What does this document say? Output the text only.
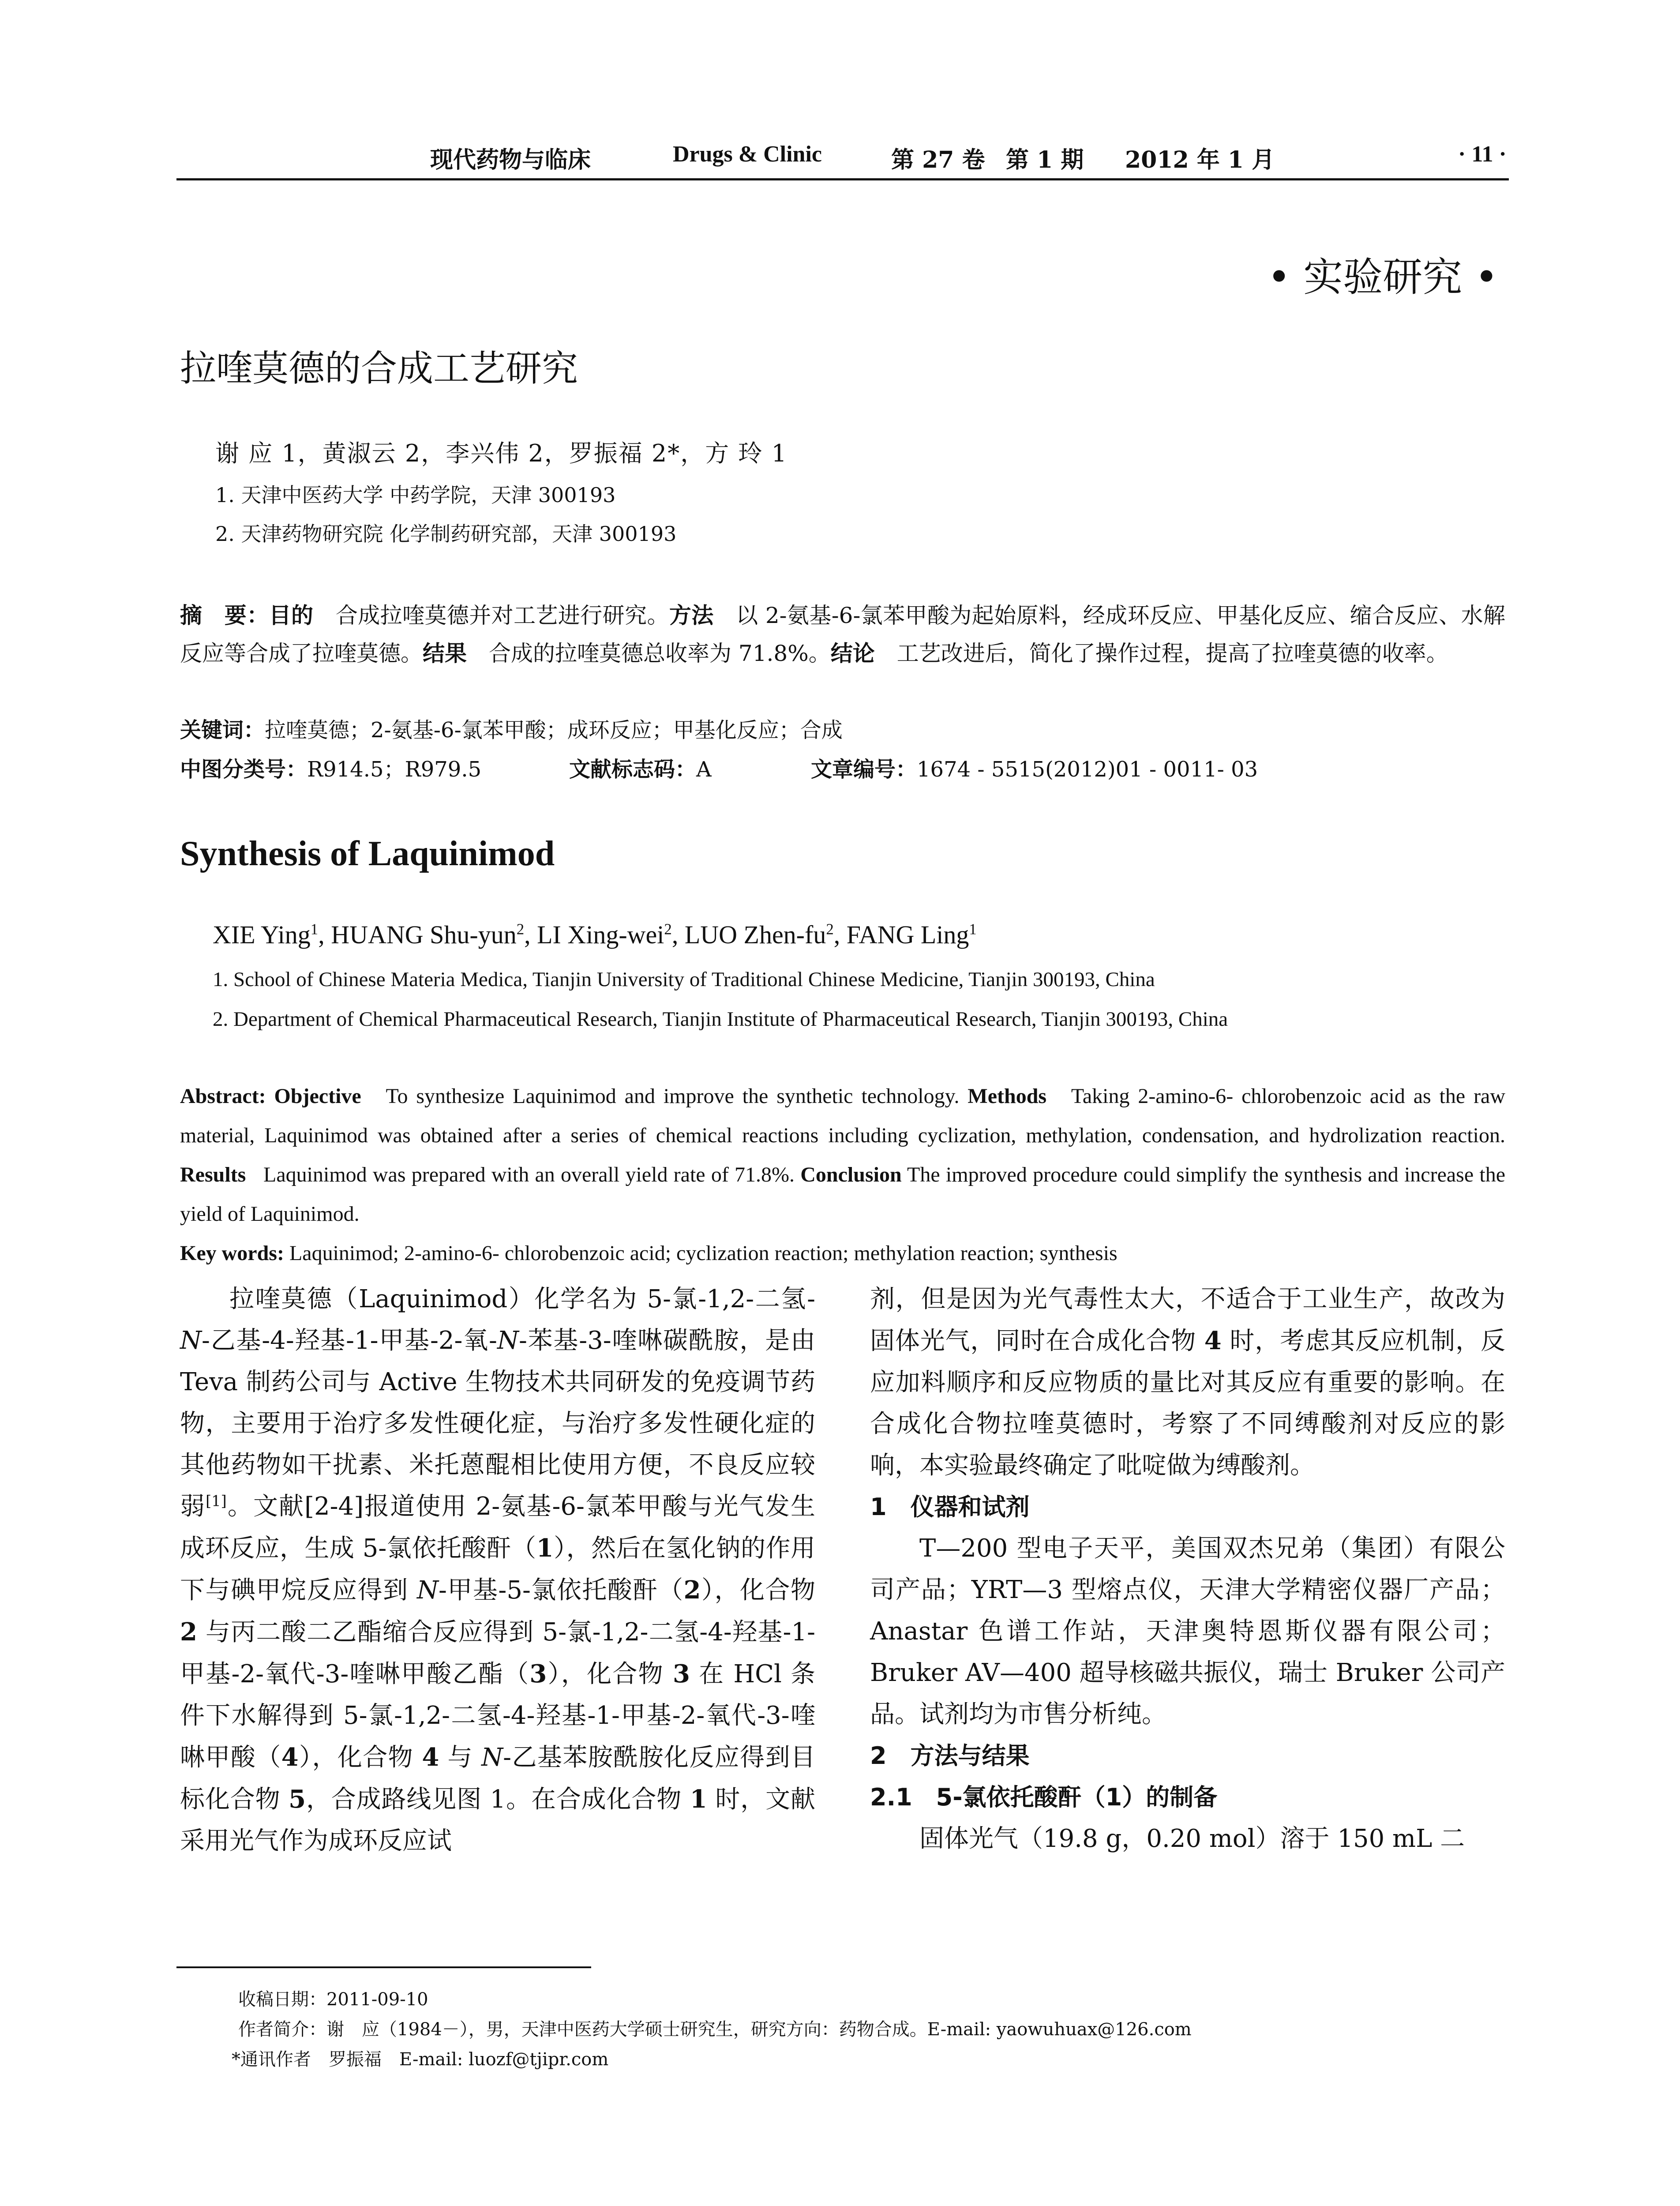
现代药物与临床	Drugs & Clinic	第 27 卷 第 1 期 2012 年 1 月	· 11 ·
• 实验研究 •
拉喹莫德的合成工艺研究
谢 应 1，黄淑云 2，李兴伟 2，罗振福 2*，方 玲 1
1. 天津中医药大学 中药学院，天津 300193
2. 天津药物研究院 化学制药研究部，天津 300193
摘　要：目的　 合成拉喹莫德并对工艺进行研究。方法　 以 2-氨基-6-氯苯甲酸为起始原料，经成环反应、甲基化反应、缩合反应、水解反应等合成了拉喹莫德。结果　 合成的拉喹莫德总收率为 71.8%。结论　 工艺改进后，简化了操作过程，提高了拉喹莫德的收率。
关键词：拉喹莫德；2-氨基-6-氯苯甲酸；成环反应；甲基化反应；合成
中图分类号：R914.5；R979.5	文献标志码：A	文章编号：1674 - 5515(2012)01 - 0011- 03
Synthesis of Laquinimod
XIE Ying$^1$, HUANG Shu-yun$^2$, LI Xing-wei$^2$, LUO Zhen-$fu^2$, FANG Ling$^1$
1. School of Chinese Materia Medica, Tianjin University of Traditional Chinese Medicine, Tianjin 300193, China
2. Department of Chemical Pharmaceutical Research, Tianjin Institute of Pharmaceutical Research, Tianjin 300193, China
Abstract: Objective To synthesize Laquinimod and improve the synthetic technology. Methods Taking 2-amino-6- chlorobenzoic acid as the raw material, Laquinimod was obtained after a series of chemical reactions including cyclization, methylation, condensation, and hydrolization reaction. Results Laquinimod was prepared with an overall yield rate of 71.8%. Conclusion The improved procedure could simplify the synthesis and increase the yield of Laquinimod.
Key words: Laquinimod; 2-amino-6- chlorobenzoic acid; cyclization reaction; methylation reaction; synthesis

拉喹莫德（Laquinimod）化学名为 5-氯-1,2-二氢-N-乙基-4-羟基-1-甲基-2-氧-N-苯基-3-喹啉碳酰胺，是由 Teva 制药公司与 Active 生物技术共同研发的免疫调节药物，主要用于治疗多发性硬化症，与治疗多发性硬化症的其他药物如干扰素、米托蒽醌相比使用方便，不良反应较弱[1]。文献[2-4]报道使用 2-氨基-6-氯苯甲酸与光气发生成环反应，生成 5-氯依托酸酐（1），然后在氢化钠的作用下与碘甲烷反应得到 N-甲基-5-氯依托酸酐（2），化合物 2 与丙二酸二乙酯缩合反应得到 5-氯-1,2-二氢-4-羟基-1-甲基-2-氧代-3-喹啉甲酸乙酯（3），化合物 3 在 HCl 条件下水解得到 5-氯-1,2-二氢-4-羟基-1-甲基-2-氧代-3-喹啉甲酸（4），化合物 4 与 N-乙基苯胺酰胺化反应得到目标化合物 5，合成路线见图 1。在合成化合物 1 时，文献采用光气作为成环反应试

剂，但是因为光气毒性太大，不适合于工业生产，故改为固体光气，同时在合成化合物 4 时，考虑其反应机制，反应加料顺序和反应物质的量比对其反应有重要的影响。在合成化合物拉喹莫德时，考察了不同缚酸剂对反应的影响，本实验最终确定了吡啶做为缚酸剂。

1　仪器和试剂

T—200 型电子天平，美国双杰兄弟（集团）有限公司产品；YRT—3 型熔点仪，天津大学精密仪器厂产品；Anastar 色谱工作站，天津奥特恩斯仪器有限公司；Bruker AV—400 超导核磁共振仪，瑞士 Bruker 公司产品。试剂均为市售分析纯。

2　方法与结果

2.1　5-氯依托酸酐（1）的制备

固体光气（19.8 g，0.20 mol）溶于 150 mL 二

收稿日期：2011-09-10
作者简介：谢　应（1984－），男，天津中医药大学硕士研究生，研究方向：药物合成。E-mail: yaowuhuax@126.com
*通讯作者　罗振福　E-mail: luozf@tjipr.com
